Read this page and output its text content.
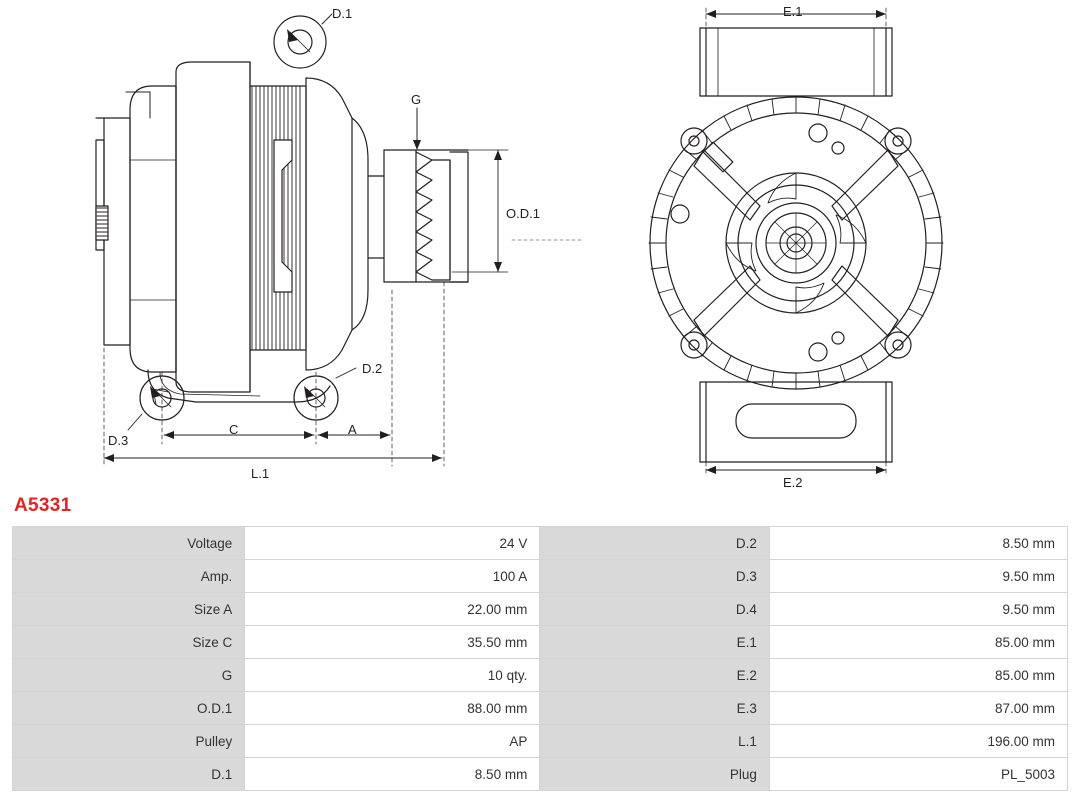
D.1
D.2
D.3
G
O.D.1
C	A
L.1
E.1
E.2
A5331
Voltage	24 V	D.2	8.50 mm
Amp.	100 A	D.3	9.50 mm
Size A	22.00 mm	D.4	9.50 mm
Size C	35.50 mm	E.1	85.00 mm
G	10 qty.	E.2	85.00 mm
O.D.1	88.00 mm	E.3	87.00 mm
Pulley	AP	L.1	196.00 mm
D.1	8.50 mm	Plug	PL_5003
